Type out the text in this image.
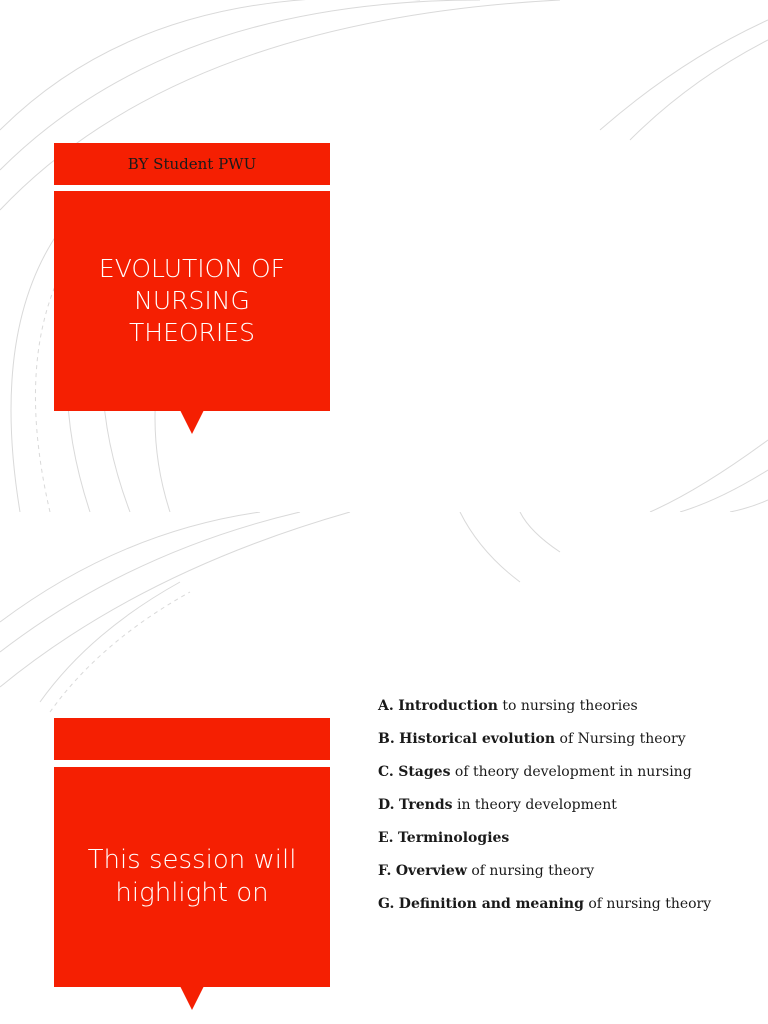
BY Student PWU
EVOLUTION OF
NURSING
THEORIES
This session will
highlight on
A. Introduction to nursing theories
B. Historical evolution of Nursing theory
C. Stages of theory development in nursing
D. Trends in theory development
E. Terminologies
F. Overview of nursing theory
G. Definition and meaning of nursing theory
